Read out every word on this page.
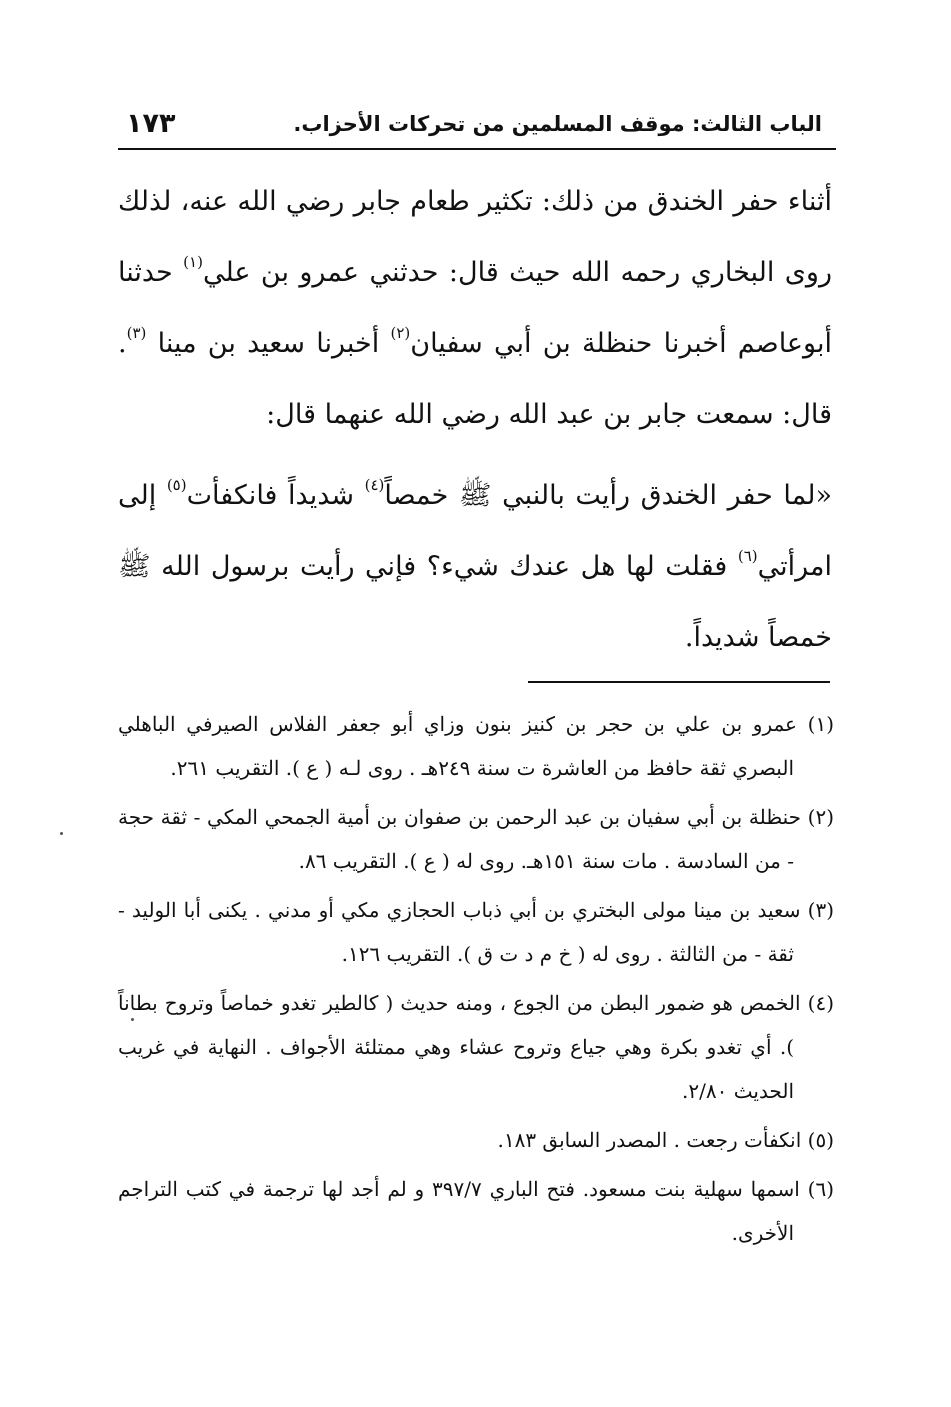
الباب الثالث: موقف المسلمين من تحركات الأحزاب.
١٧٣

أثناء حفر الخندق من ذلك: تكثير طعام جابر رضي الله عنه، لذلك روى البخاري رحمه الله حيث قال: حدثني عمرو بن علي$^{(١)}$ حدثنا أبوعاصم أخبرنا حنظلة بن أبي سفيان$^{(٢)}$ أخبرنا سعيد بن مينا $^{(٣)}$. قال: سمعت جابر بن عبد الله رضي الله عنهما قال:

«لما حفر الخندق رأيت بالنبي ﷺ خمصاً$^{(٤)}$ شديداً فانكفأت$^{(٥)}$ إلى امرأتي$^{(٦)}$ فقلت لها هل عندك شيء؟ فإني رأيت برسول الله ﷺ خمصاً شديداً.

(١) عمرو بن علي بن حجر بن كنيز بنون وزاي أبو جعفر الفلاس الصيرفي الباهلي البصري ثقة حافظ من العاشرة ت سنة ٢٤٩هـ . روى لـه ( ع ). التقريب ٢٦١.

(٢) حنظلة بن أبي سفيان بن عبد الرحمن بن صفوان بن أمية الجمحي المكي - ثقة حجة - من السادسة . مات سنة ١٥١هـ. روى له ( ع ). التقريب ٨٦.

(٣) سعيد بن مينا مولى البختري بن أبي ذباب الحجازي مكي أو مدني . يكنى أبا الوليد - ثقة - من الثالثة . روى له ( خ م د ت ق ). التقريب ١٢٦.

(٤) الخمص هو ضمور البطن من الجوع ، ومنه حديث ( كالطير تغدو خماصاً وتروح بطاناً ). أي تغدو بكرة وهي جياع وتروح عشاء وهي ممتلئة الأجواف . النهاية في غريب الحديث ٢/٨٠.

(٥) انكفأت رجعت . المصدر السابق ١٨٣.

(٦) اسمها سهلية بنت مسعود. فتح الباري ٣٩٧/٧ و لم أجد لها ترجمة في كتب التراجم الأخرى.
